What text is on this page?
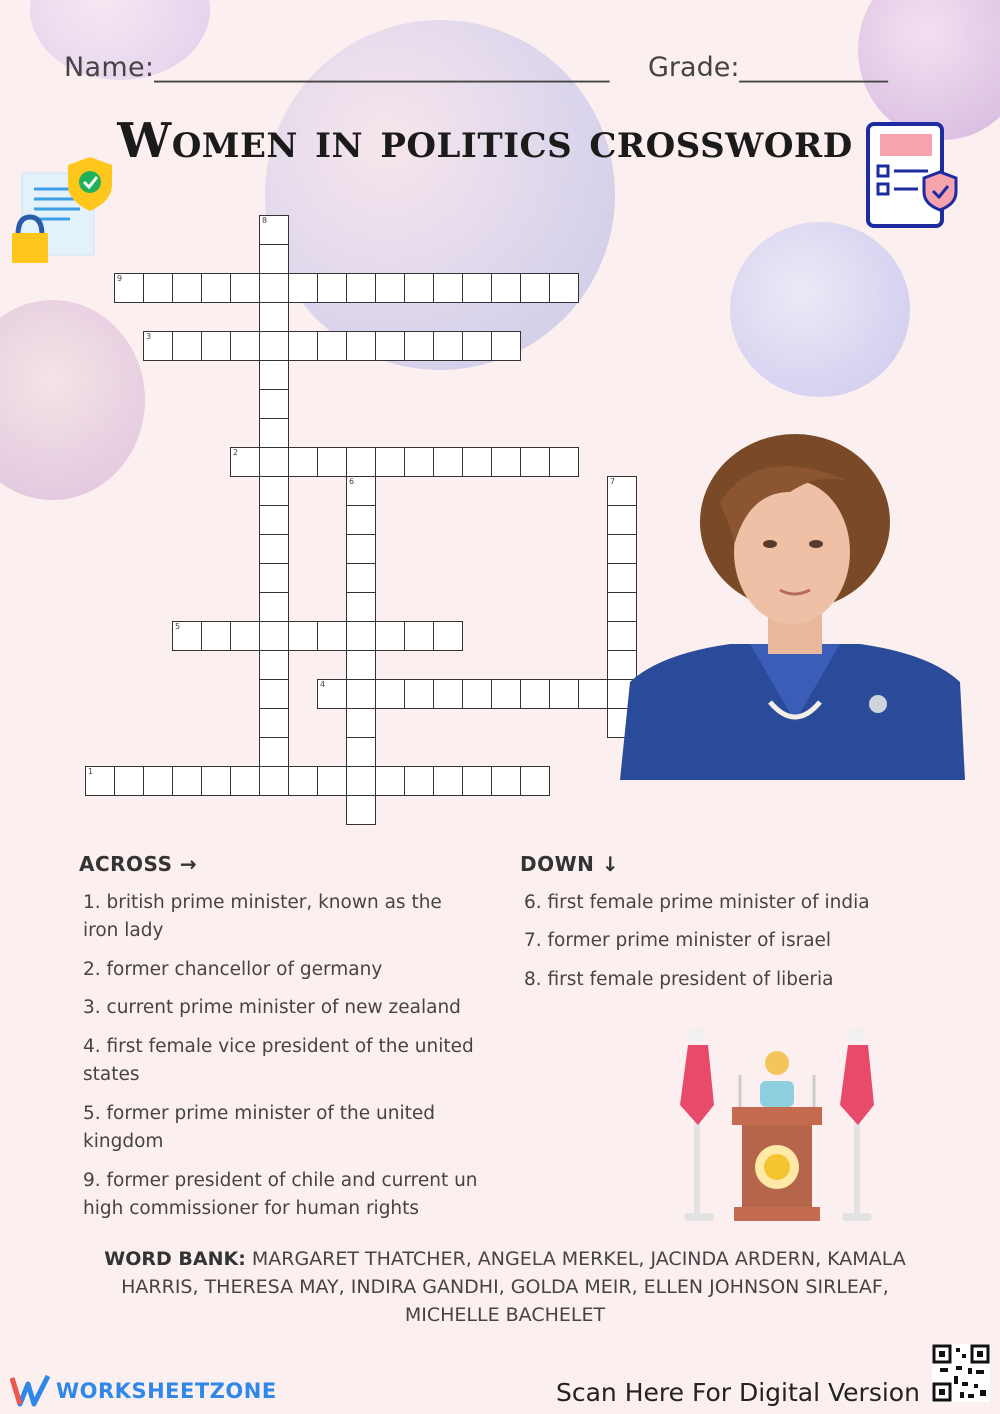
Name:_________________________________ Grade:___________
Women in politics crossword
9
3
2
5
4
1
8
6	7
ACROSS →	DOWN ↓
1. british prime minister, known as the iron lady
2. former chancellor of germany
3. current prime minister of new zealand
4. first female vice president of the united states
5. former prime minister of the united kingdom
9. former president of chile and current un high commissioner for human rights
6. first female prime minister of india
7. former prime minister of israel
8. first female president of liberia
WORD BANK: MARGARET THATCHER, ANGELA MERKEL, JACINDA ARDERN, KAMALA HARRIS, THERESA MAY, INDIRA GANDHI, GOLDA MEIR, ELLEN JOHNSON SIRLEAF, MICHELLE BACHELET
WORKSHEETZONE	Scan Here For Digital Version
